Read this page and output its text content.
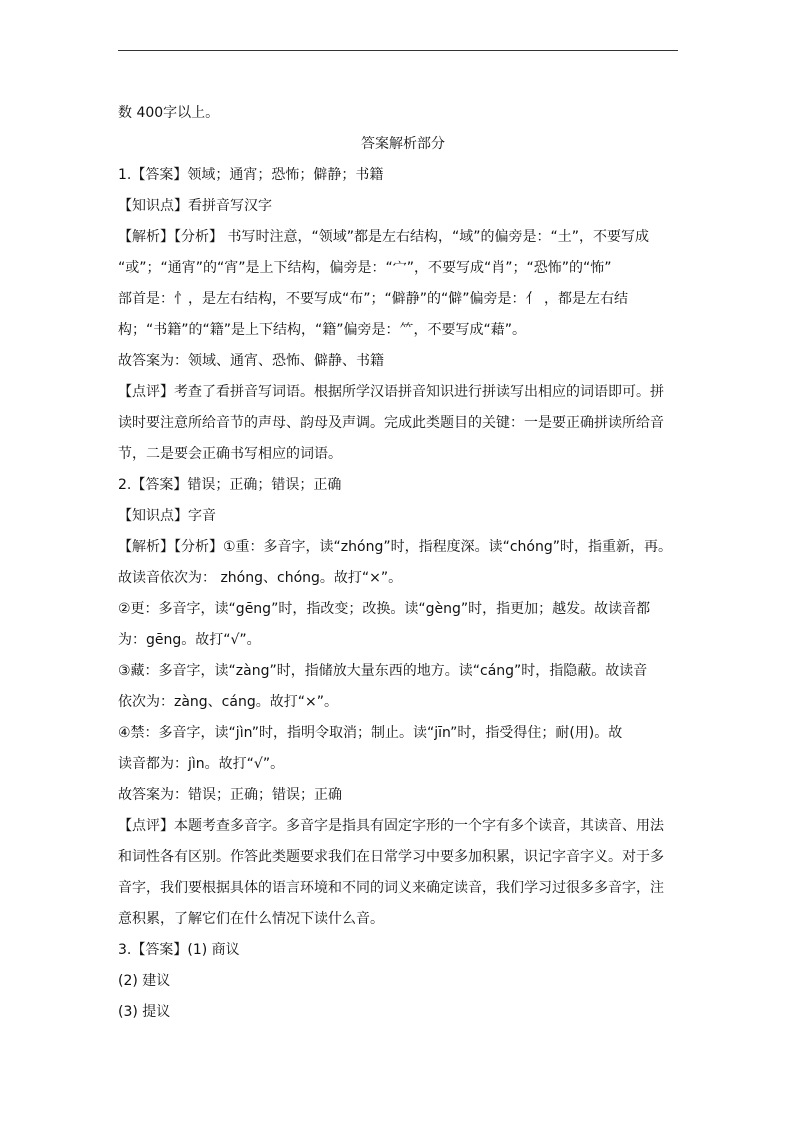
数 400字以上。
答案解析部分
1.【答案】领域；通宵；恐怖；僻静；书籍
【知识点】看拼音写汉字
【解析】【分析】 书写时注意，“领域”都是左右结构，“域”的偏旁是：“土”，不要写成
“或”；“通宵”的“宵”是上下结构，偏旁是：“宀”，不要写成“肖”；“恐怖”的“怖”
部首是：忄，是左右结构，不要写成“布”；“僻静”的“僻”偏旁是：亻 ，都是左右结
构；“书籍”的“籍”是上下结构，“籍”偏旁是：⺮，不要写成“藉”。
故答案为：领域、通宵、恐怖、僻静、书籍
【点评】考查了看拼音写词语。根据所学汉语拼音知识进行拼读写出相应的词语即可。拼
读时要注意所给音节的声母、韵母及声调。完成此类题目的关键：一是要正确拼读所给音
节，二是要会正确书写相应的词语。
2.【答案】错误；正确；错误；正确
【知识点】字音
【解析】【分析】①重：多音字，读“zhóng”时，指程度深。读“chóng”时，指重新，再。
故读音依次为： zhóng、chóng。故打“×”。
②更：多音字，读“gēng”时，指改变；改换。读“gèng”时，指更加；越发。故读音都
为：gēng。故打“√”。
③藏：多音字，读“zàng”时，指储放大量东西的地方。读“cáng”时，指隐蔽。故读音
依次为：zàng、cáng。故打“×”。
④禁：多音字，读“jìn”时，指明令取消；制止。读“jīn”时，指受得住；耐(用)。故
读音都为：jìn。故打“√”。
故答案为：错误；正确；错误；正确
【点评】本题考查多音字。多音字是指具有固定字形的一个字有多个读音，其读音、用法
和词性各有区别。作答此类题要求我们在日常学习中要多加积累，识记字音字义。对于多
音字，我们要根据具体的语言环境和不同的词义来确定读音，我们学习过很多多音字，注
意积累，了解它们在什么情况下读什么音。
3.【答案】(1) 商议
(2) 建议
(3) 提议
